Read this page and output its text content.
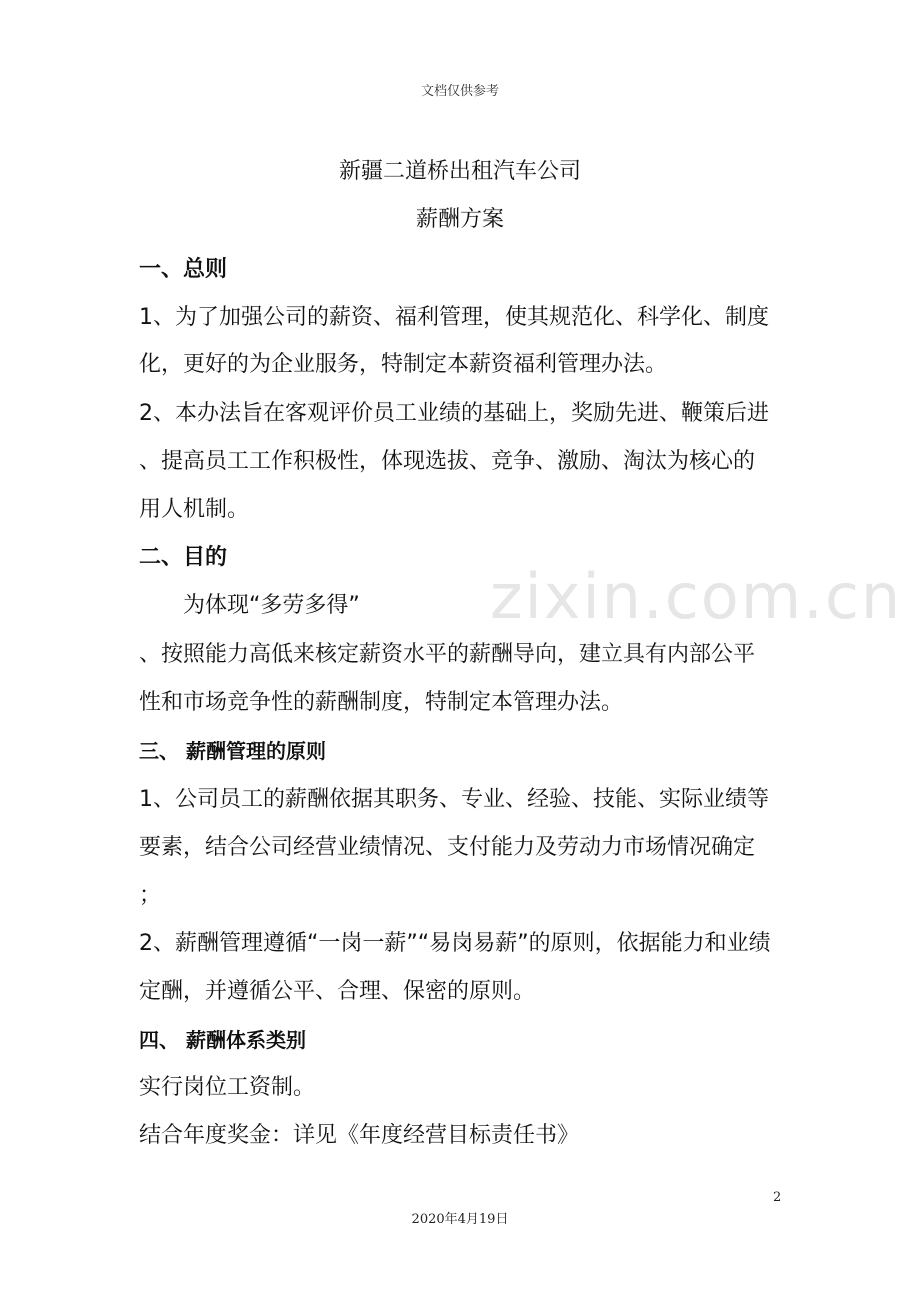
文档仅供参考
zixin.com.cn
新疆二道桥出租汽车公司
薪酬方案
一、总则
1、为了加强公司的薪资、福利管理，使其规范化、科学化、制度
化，更好的为企业服务，特制定本薪资福利管理办法。
2、本办法旨在客观评价员工业绩的基础上，奖励先进、鞭策后进
、提高员工工作积极性，体现选拔、竞争、激励、淘汰为核心的
用人机制。
二、目的
为体现“多劳多得”
、按照能力高低来核定薪资水平的薪酬导向，建立具有内部公平
性和市场竞争性的薪酬制度，特制定本管理办法。
三、 薪酬管理的原则
1、公司员工的薪酬依据其职务、专业、经验、技能、实际业绩等
要素，结合公司经营业绩情况、支付能力及劳动力市场情况确定
；
2、薪酬管理遵循“一岗一薪”“易岗易薪”的原则，依据能力和业绩
定酬，并遵循公平、合理、保密的原则。
四、 薪酬体系类别
实行岗位工资制。
结合年度奖金：详见《年度经营目标责任书》
2
2020年4月19日
